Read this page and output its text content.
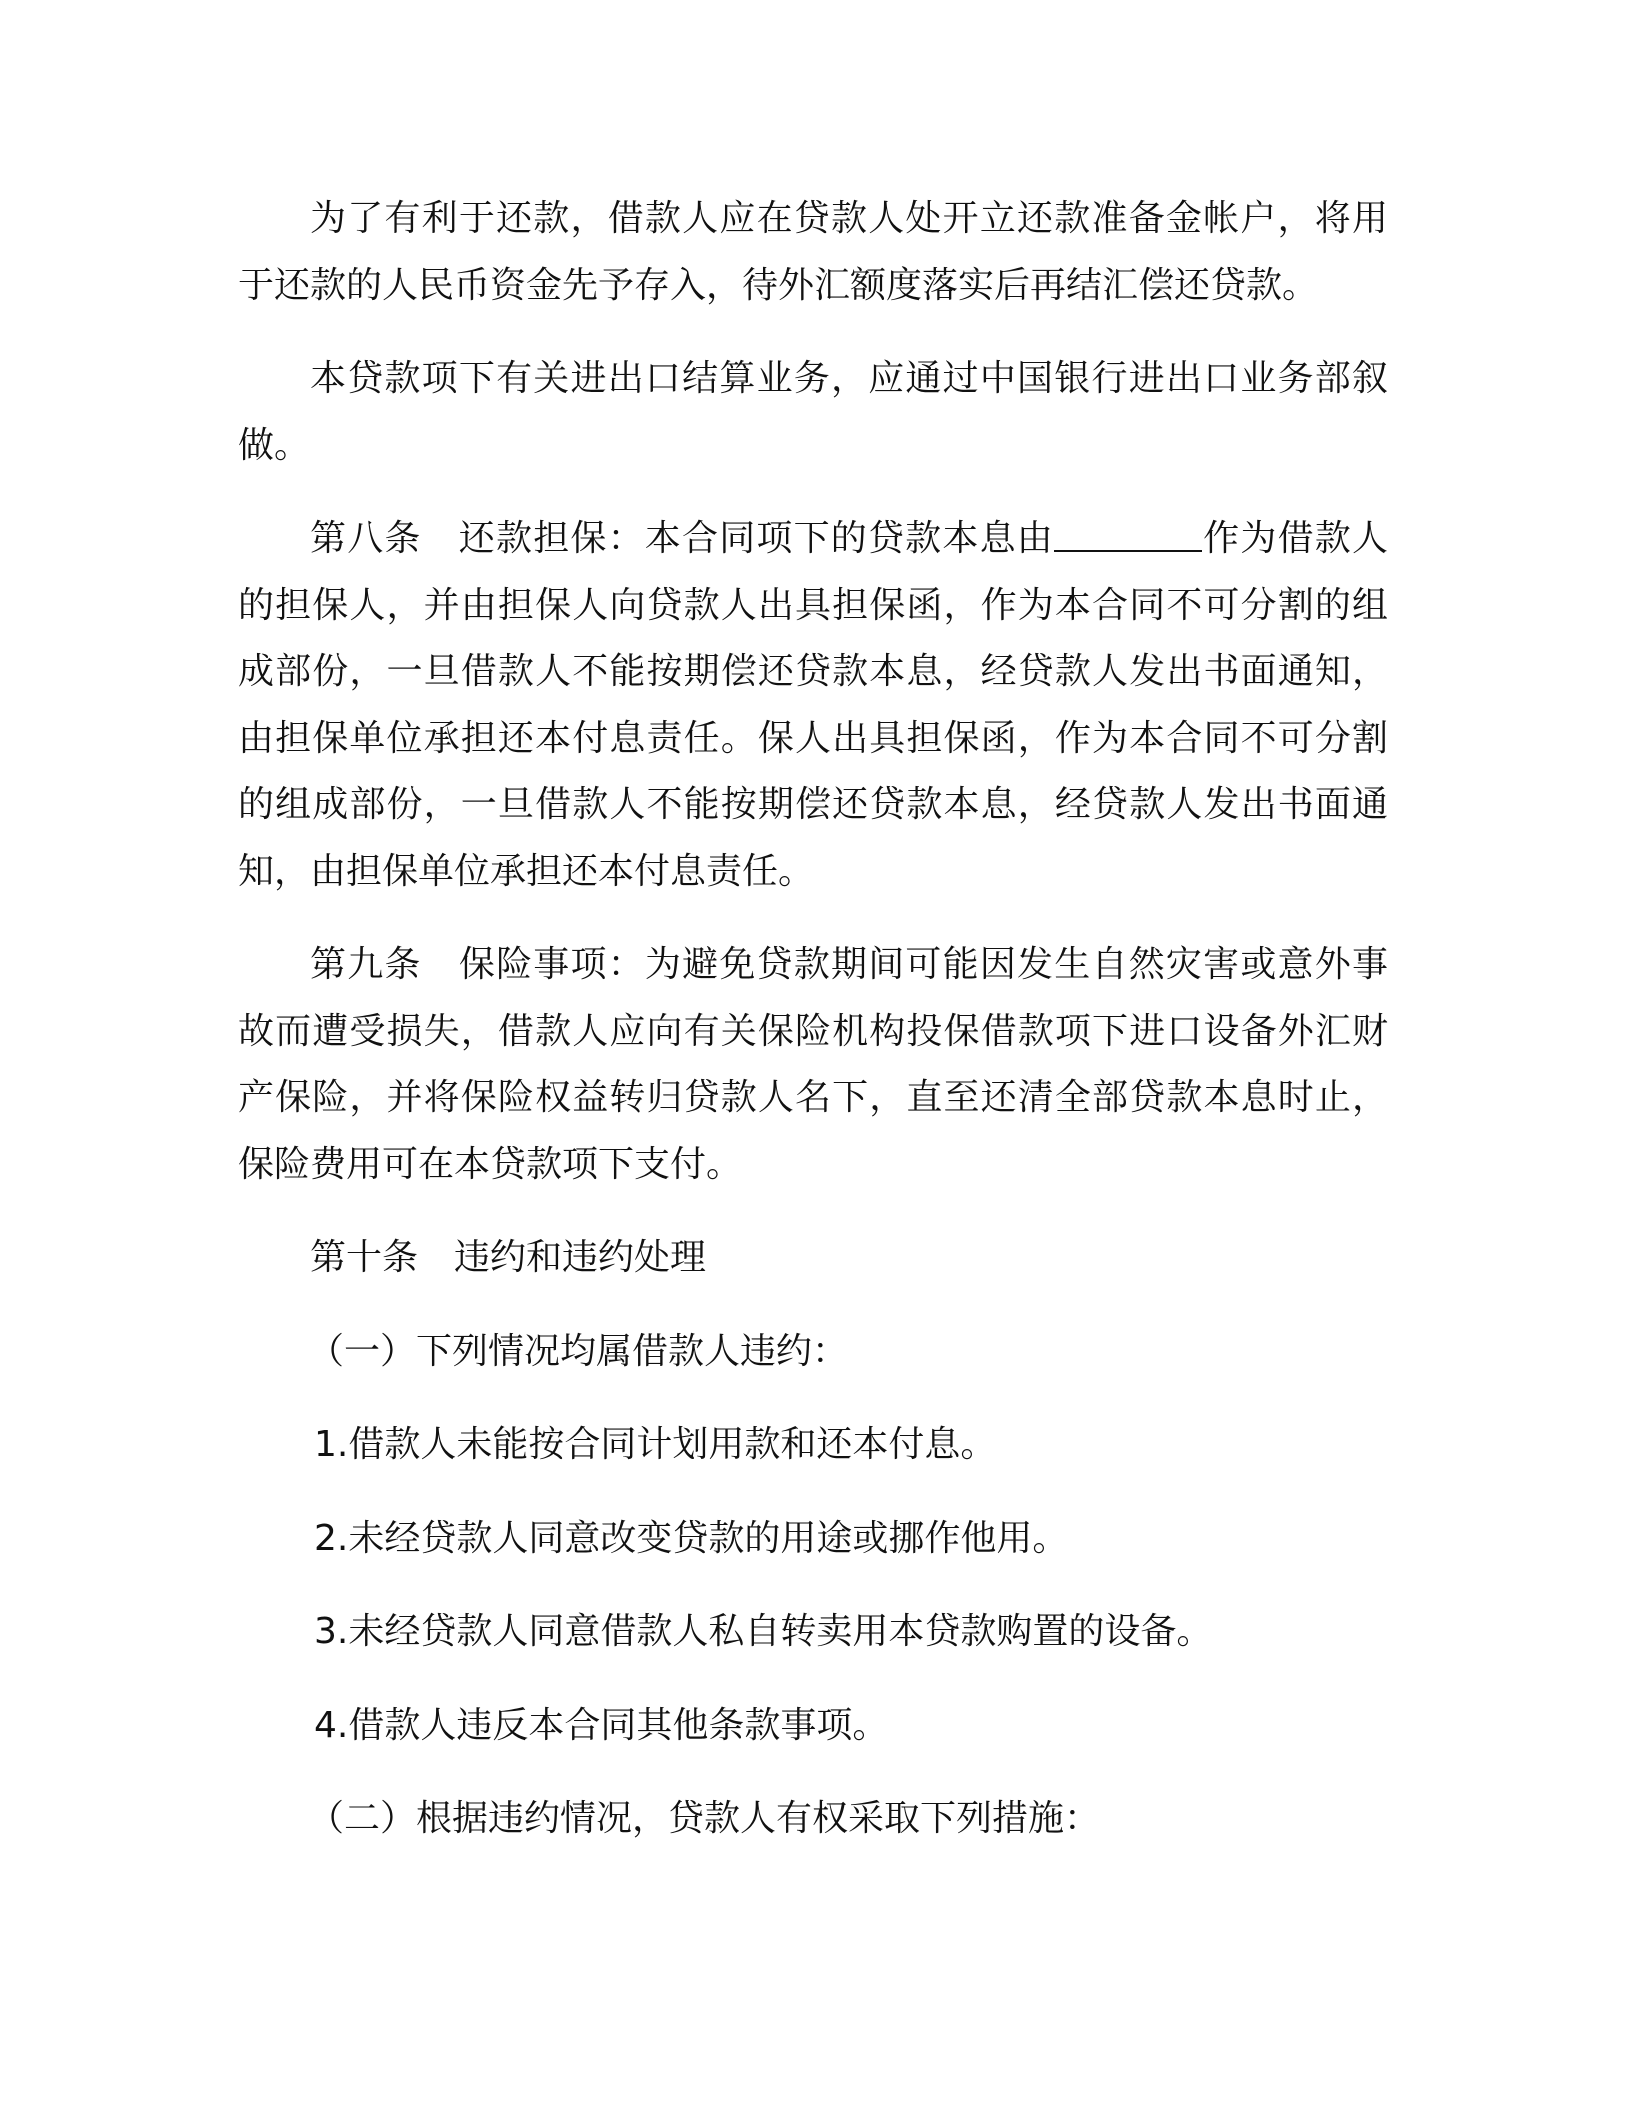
为了有利于还款，借款人应在贷款人处开立还款准备金帐户，将用于还款的人民币资金先予存入，待外汇额度落实后再结汇偿还贷款。

本贷款项下有关进出口结算业务，应通过中国银行进出口业务部叙做。

第八条 还款担保：本合同项下的贷款本息由	作为借款人的担保人，并由担保人向贷款人出具担保函，作为本合同不可分割的组成部份，一旦借款人不能按期偿还贷款本息，经贷款人发出书面通知，由担保单位承担还本付息责任。保人出具担保函，作为本合同不可分割的组成部份，一旦借款人不能按期偿还贷款本息，经贷款人发出书面通知，由担保单位承担还本付息责任。

第九条 保险事项：为避免贷款期间可能因发生自然灾害或意外事故而遭受损失，借款人应向有关保险机构投保借款项下进口设备外汇财产保险，并将保险权益转归贷款人名下，直至还清全部贷款本息时止，保险费用可在本贷款项下支付。

第十条 违约和违约处理

（一）下列情况均属借款人违约：

1.借款人未能按合同计划用款和还本付息。

2.未经贷款人同意改变贷款的用途或挪作他用。

3.未经贷款人同意借款人私自转卖用本贷款购置的设备。

4.借款人违反本合同其他条款事项。

（二）根据违约情况，贷款人有权采取下列措施：
